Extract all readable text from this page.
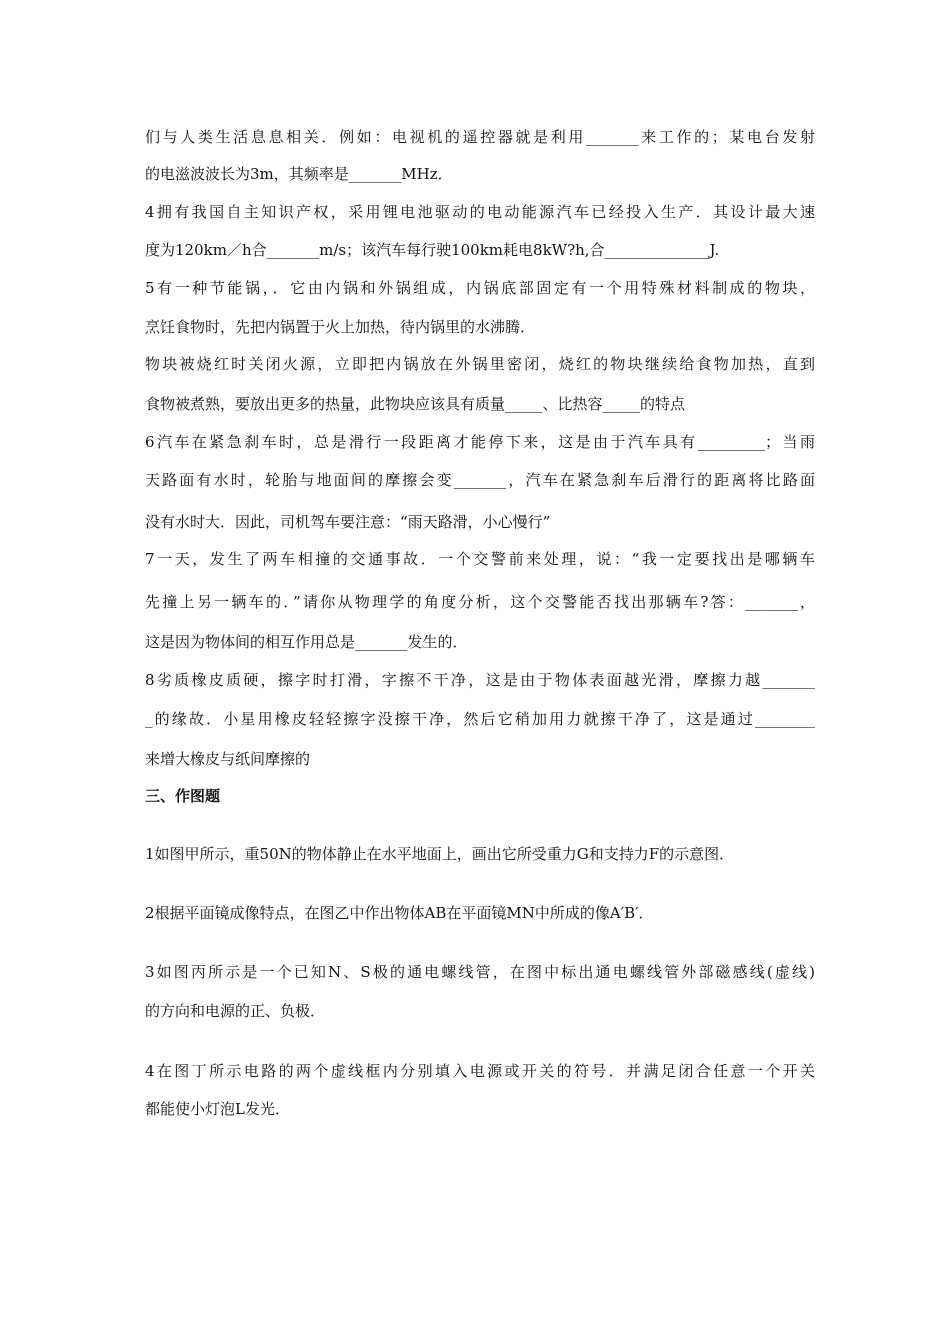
们与人类生活息息相关．例如：电视机的遥控器就是利用_______来工作的；某电台发射
的电滋波波长为3m，其频率是_______MHz．
4拥有我国自主知识产权，采用锂电池驱动的电动能源汽车已经投入生产．其设计最大速
度为120km／h合_______m/s；该汽车每行驶100km耗电8kW?h,合______________J.
5有一种节能锅，．它由内锅和外锅组成，内锅底部固定有一个用特殊材料制成的物块，
烹饪食物时，先把内锅置于火上加热，待内锅里的水沸腾．
物块被烧红时关闭火源，立即把内锅放在外锅里密闭，烧红的物块继续给食物加热，直到
食物被煮熟，要放出更多的热量，此物块应该具有质量_____、比热容_____的特点
6汽车在紧急刹车时，总是滑行一段距离才能停下来，这是由于汽车具有_________；当雨
天路面有水时，轮胎与地面间的摩擦会变_______，汽车在紧急刹车后滑行的距离将比路面
没有水时大．因此，司机驾车要注意：“雨天路滑，小心慢行”
7一天，发生了两车相撞的交通事故．一个交警前来处理，说：“我一定要找出是哪辆车
先撞上另一辆车的．”请你从物理学的角度分析，这个交警能否找出那辆车?答：_______，
这是因为物体间的相互作用总是_______发生的．
8劣质橡皮质硬，擦字时打滑，字擦不干净，这是由于物体表面越光滑，摩擦力越_______
_的缘故．小星用橡皮轻轻擦字没擦干净，然后它稍加用力就擦干净了，这是通过________
来增大橡皮与纸间摩擦的
三、作图题
1如图甲所示，重50N的物体静止在水平地面上，画出它所受重力G和支持力F的示意图．
2根据平面镜成像特点，在图乙中作出物体AB在平面镜MN中所成的像A′B′．
3如图丙所示是一个已知N、S极的通电螺线管，在图中标出通电螺线管外部磁感线(虚线)
的方向和电源的正、负极．
4在图丁所示电路的两个虚线框内分别填入电源或开关的符号．并满足闭合任意一个开关
都能使小灯泡L发光．
